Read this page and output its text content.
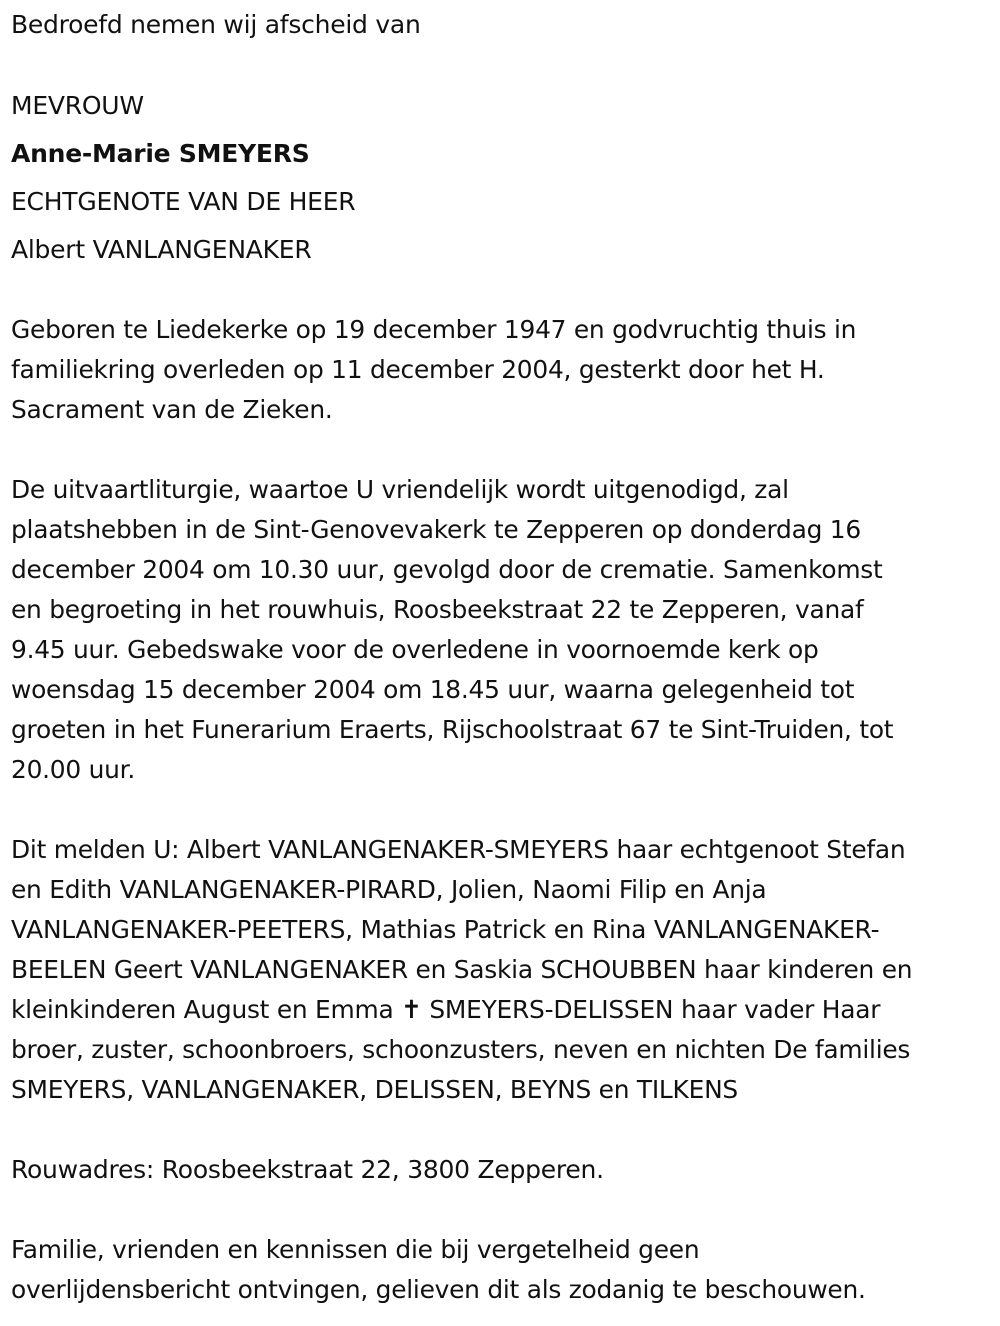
Bedroefd nemen wij afscheid van
MEVROUW
Anne-Marie SMEYERS
ECHTGENOTE VAN DE HEER
Albert VANLANGENAKER
Geboren te Liedekerke op 19 december 1947 en godvruchtig thuis in
familiekring overleden op 11 december 2004, gesterkt door het H.
Sacrament van de Zieken.
De uitvaartliturgie, waartoe U vriendelijk wordt uitgenodigd, zal
plaatshebben in de Sint-Genovevakerk te Zepperen op donderdag 16
december 2004 om 10.30 uur, gevolgd door de crematie. Samenkomst
en begroeting in het rouwhuis, Roosbeekstraat 22 te Zepperen, vanaf
9.45 uur. Gebedswake voor de overledene in voornoemde kerk op
woensdag 15 december 2004 om 18.45 uur, waarna gelegenheid tot
groeten in het Funerarium Eraerts, Rijschoolstraat 67 te Sint-Truiden, tot
20.00 uur.
Dit melden U: Albert VANLANGENAKER-SMEYERS haar echtgenoot Stefan
en Edith VANLANGENAKER-PIRARD, Jolien, Naomi Filip en Anja
VANLANGENAKER-PEETERS, Mathias Patrick en Rina VANLANGENAKER-
BEELEN Geert VANLANGENAKER en Saskia SCHOUBBEN haar kinderen en
kleinkinderen August en Emma ✝ SMEYERS-DELISSEN haar vader Haar
broer, zuster, schoonbroers, schoonzusters, neven en nichten De families
SMEYERS, VANLANGENAKER, DELISSEN, BEYNS en TILKENS
Rouwadres: Roosbeekstraat 22, 3800 Zepperen.
Familie, vrienden en kennissen die bij vergetelheid geen
overlijdensbericht ontvingen, gelieven dit als zodanig te beschouwen.
